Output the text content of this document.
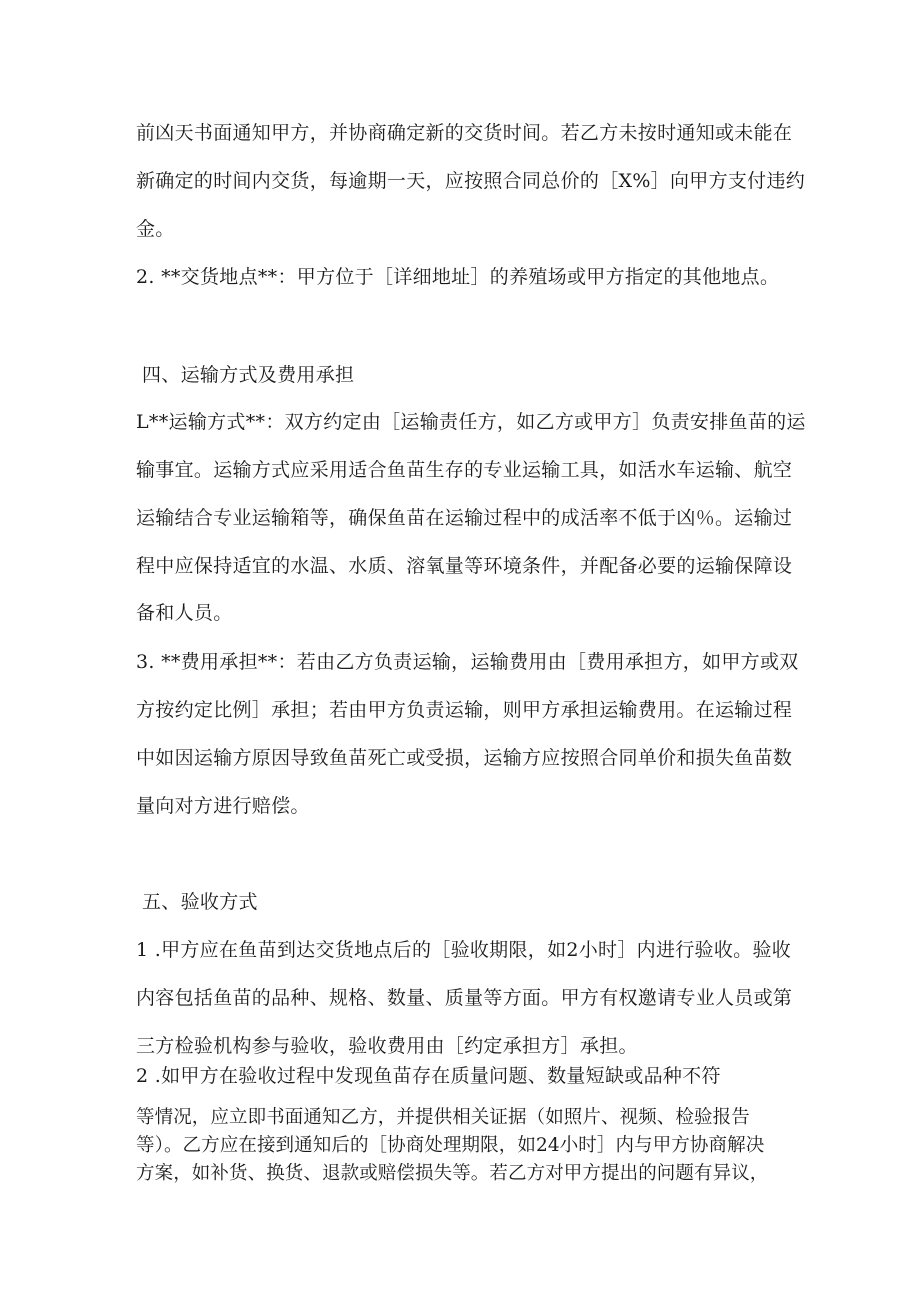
前凶天书面通知甲方，并协商确定新的交货时间。若乙方未按时通知或未能在
新确定的时间内交货，每逾期一天，应按照合同总价的［X%］向甲方支付违约
金。
2. **交货地点**：甲方位于［详细地址］的养殖场或甲方指定的其他地点。
四、运输方式及费用承担
L**运输方式**：双方约定由［运输责任方，如乙方或甲方］负责安排鱼苗的运
输事宜。运输方式应采用适合鱼苗生存的专业运输工具，如活水车运输、航空
运输结合专业运输箱等，确保鱼苗在运输过程中的成活率不低于凶％。运输过
程中应保持适宜的水温、水质、溶氧量等环境条件，并配备必要的运输保障设
备和人员。
3. **费用承担**：若由乙方负责运输，运输费用由［费用承担方，如甲方或双
方按约定比例］承担；若由甲方负责运输，则甲方承担运输费用。在运输过程
中如因运输方原因导致鱼苗死亡或受损，运输方应按照合同单价和损失鱼苗数
量向对方进行赔偿。
五、验收方式
1 .甲方应在鱼苗到达交货地点后的［验收期限，如2小时］内进行验收。验收
内容包括鱼苗的品种、规格、数量、质量等方面。甲方有权邀请专业人员或第
三方检验机构参与验收，验收费用由［约定承担方］承担。
2 .如甲方在验收过程中发现鱼苗存在质量问题、数量短缺或品种不符
等情况，应立即书面通知乙方，并提供相关证据（如照片、视频、检验报告
等）。乙方应在接到通知后的［协商处理期限，如24小时］内与甲方协商解决
方案，如补货、换货、退款或赔偿损失等。若乙方对甲方提出的问题有异议，
